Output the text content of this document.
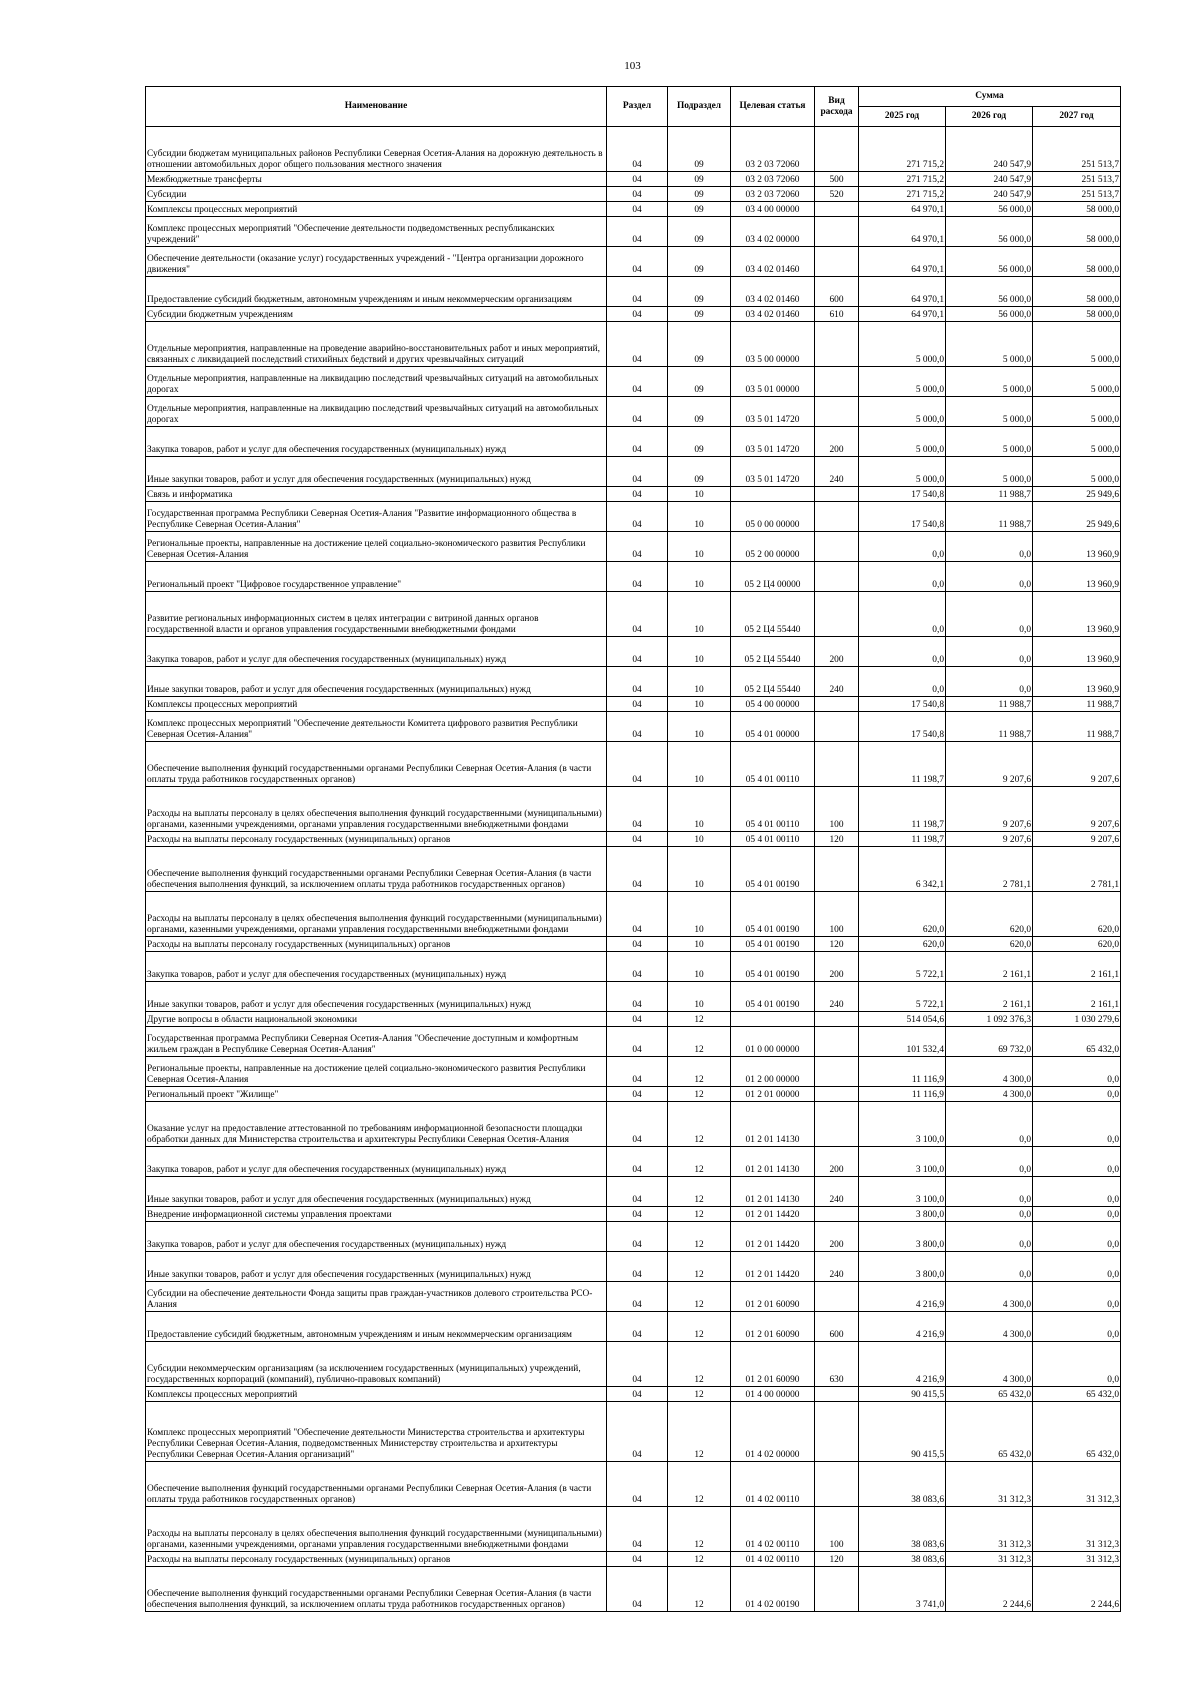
103
Наименование	Раздел	Подраздел	Целевая статья	Вид расхода	Сумма		
					2025 год	2026 год	2027 год
Субсидии бюджетам муниципальных районов Республики Северная Осетия-Алания на дорожную деятельность в отношении автомобильных дорог общего пользования местного значения	04	09	03 2 03 72060		271 715,2	240 547,9	251 513,7
Межбюджетные трансферты	04	09	03 2 03 72060	500	271 715,2	240 547,9	251 513,7
Субсидии	04	09	03 2 03 72060	520	271 715,2	240 547,9	251 513,7
Комплексы процессных мероприятий	04	09	03 4 00 00000		64 970,1	56 000,0	58 000,0
Комплекс процессных мероприятий "Обеспечение деятельности подведомственных республиканских учреждений"	04	09	03 4 02 00000		64 970,1	56 000,0	58 000,0
Обеспечение деятельности (оказание услуг) государственных учреждений - "Центра организации дорожного движения"	04	09	03 4 02 01460		64 970,1	56 000,0	58 000,0
Предоставление субсидий бюджетным, автономным учреждениям и иным некоммерческим организациям	04	09	03 4 02 01460	600	64 970,1	56 000,0	58 000,0
Субсидии бюджетным учреждениям	04	09	03 4 02 01460	610	64 970,1	56 000,0	58 000,0
Отдельные мероприятия, направленные на проведение аварийно-восстановительных работ и иных мероприятий, связанных с ликвидацией последствий стихийных бедствий и других чрезвычайных ситуаций	04	09	03 5 00 00000		5 000,0	5 000,0	5 000,0
Отдельные мероприятия, направленные на ликвидацию последствий чрезвычайных ситуаций на автомобильных дорогах	04	09	03 5 01 00000		5 000,0	5 000,0	5 000,0
Отдельные мероприятия, направленные на ликвидацию последствий чрезвычайных ситуаций на автомобильных дорогах	04	09	03 5 01 14720		5 000,0	5 000,0	5 000,0
Закупка товаров, работ и услуг для обеспечения государственных (муниципальных) нужд	04	09	03 5 01 14720	200	5 000,0	5 000,0	5 000,0
Иные закупки товаров, работ и услуг для обеспечения государственных (муниципальных) нужд	04	09	03 5 01 14720	240	5 000,0	5 000,0	5 000,0
Связь и информатика	04	10			17 540,8	11 988,7	25 949,6
Государственная программа Республики Северная Осетия-Алания "Развитие информационного общества в Республике Северная Осетия-Алания"	04	10	05 0 00 00000		17 540,8	11 988,7	25 949,6
Региональные проекты, направленные на достижение целей социально-экономического развития Республики Северная Осетия-Алания	04	10	05 2 00 00000		0,0	0,0	13 960,9
Региональный проект "Цифровое государственное управление"	04	10	05 2 Ц4 00000		0,0	0,0	13 960,9
Развитие региональных информационных систем в целях интеграции с витриной данных органов государственной власти и органов управления государственными внебюджетными фондами	04	10	05 2 Ц4 55440		0,0	0,0	13 960,9
Закупка товаров, работ и услуг для обеспечения государственных (муниципальных) нужд	04	10	05 2 Ц4 55440	200	0,0	0,0	13 960,9
Иные закупки товаров, работ и услуг для обеспечения государственных (муниципальных) нужд	04	10	05 2 Ц4 55440	240	0,0	0,0	13 960,9
Комплексы процессных мероприятий	04	10	05 4 00 00000		17 540,8	11 988,7	11 988,7
Комплекс процессных мероприятий "Обеспечение деятельности Комитета цифрового развития Республики Северная Осетия-Алания"	04	10	05 4 01 00000		17 540,8	11 988,7	11 988,7
Обеспечение выполнения функций государственными органами Республики Северная Осетия-Алания (в части оплаты труда работников государственных органов)	04	10	05 4 01 00110		11 198,7	9 207,6	9 207,6
Расходы на выплаты персоналу в целях обеспечения выполнения функций государственными (муниципальными) органами, казенными учреждениями, органами управления государственными внебюджетными фондами	04	10	05 4 01 00110	100	11 198,7	9 207,6	9 207,6
Расходы на выплаты персоналу государственных (муниципальных) органов	04	10	05 4 01 00110	120	11 198,7	9 207,6	9 207,6
Обеспечение выполнения функций государственными органами Республики Северная Осетия-Алания (в части обеспечения выполнения функций, за исключением оплаты труда работников государственных органов)	04	10	05 4 01 00190		6 342,1	2 781,1	2 781,1
Расходы на выплаты персоналу в целях обеспечения выполнения функций государственными (муниципальными) органами, казенными учреждениями, органами управления государственными внебюджетными фондами	04	10	05 4 01 00190	100	620,0	620,0	620,0
Расходы на выплаты персоналу государственных (муниципальных) органов	04	10	05 4 01 00190	120	620,0	620,0	620,0
Закупка товаров, работ и услуг для обеспечения государственных (муниципальных) нужд	04	10	05 4 01 00190	200	5 722,1	2 161,1	2 161,1
Иные закупки товаров, работ и услуг для обеспечения государственных (муниципальных) нужд	04	10	05 4 01 00190	240	5 722,1	2 161,1	2 161,1
Другие вопросы в области национальной экономики	04	12			514 054,6	1 092 376,3	1 030 279,6
Государственная программа Республики Северная Осетия-Алания "Обеспечение доступным и комфортным жильем граждан в Республике Северная Осетия-Алания"	04	12	01 0 00 00000		101 532,4	69 732,0	65 432,0
Региональные проекты, направленные на достижение целей социально-экономического развития Республики Северная Осетия-Алания	04	12	01 2 00 00000		11 116,9	4 300,0	0,0
Региональный проект "Жилище"	04	12	01 2 01 00000		11 116,9	4 300,0	0,0
Оказание услуг на предоставление аттестованной по требованиям информационной безопасности площадки обработки данных для Министерства строительства и архитектуры Республики Северная Осетия-Алания	04	12	01 2 01 14130		3 100,0	0,0	0,0
Закупка товаров, работ и услуг для обеспечения государственных (муниципальных) нужд	04	12	01 2 01 14130	200	3 100,0	0,0	0,0
Иные закупки товаров, работ и услуг для обеспечения государственных (муниципальных) нужд	04	12	01 2 01 14130	240	3 100,0	0,0	0,0
Внедрение информационной системы управления проектами	04	12	01 2 01 14420		3 800,0	0,0	0,0
Закупка товаров, работ и услуг для обеспечения государственных (муниципальных) нужд	04	12	01 2 01 14420	200	3 800,0	0,0	0,0
Иные закупки товаров, работ и услуг для обеспечения государственных (муниципальных) нужд	04	12	01 2 01 14420	240	3 800,0	0,0	0,0
Субсидии на обеспечение деятельности Фонда защиты прав граждан-участников долевого строительства РСО-Алания	04	12	01 2 01 60090		4 216,9	4 300,0	0,0
Предоставление субсидий бюджетным, автономным учреждениям и иным некоммерческим организациям	04	12	01 2 01 60090	600	4 216,9	4 300,0	0,0
Субсидии некоммерческим организациям (за исключением государственных (муниципальных) учреждений, государственных корпораций (компаний), публично-правовых компаний)	04	12	01 2 01 60090	630	4 216,9	4 300,0	0,0
Комплексы процессных мероприятий	04	12	01 4 00 00000		90 415,5	65 432,0	65 432,0
Комплекс процессных мероприятий "Обеспечение деятельности Министерства строительства и архитектуры Республики Северная Осетия-Алания, подведомственных Министерству строительства и архитектуры Республики Северная Осетия-Алания организаций"	04	12	01 4 02 00000		90 415,5	65 432,0	65 432,0
Обеспечение выполнения функций государственными органами Республики Северная Осетия-Алания (в части оплаты труда работников государственных органов)	04	12	01 4 02 00110		38 083,6	31 312,3	31 312,3
Расходы на выплаты персоналу в целях обеспечения выполнения функций государственными (муниципальными) органами, казенными учреждениями, органами управления государственными внебюджетными фондами	04	12	01 4 02 00110	100	38 083,6	31 312,3	31 312,3
Расходы на выплаты персоналу государственных (муниципальных) органов	04	12	01 4 02 00110	120	38 083,6	31 312,3	31 312,3
Обеспечение выполнения функций государственными органами Республики Северная Осетия-Алания (в части обеспечения выполнения функций, за исключением оплаты труда работников государственных органов)	04	12	01 4 02 00190		3 741,0	2 244,6	2 244,6
